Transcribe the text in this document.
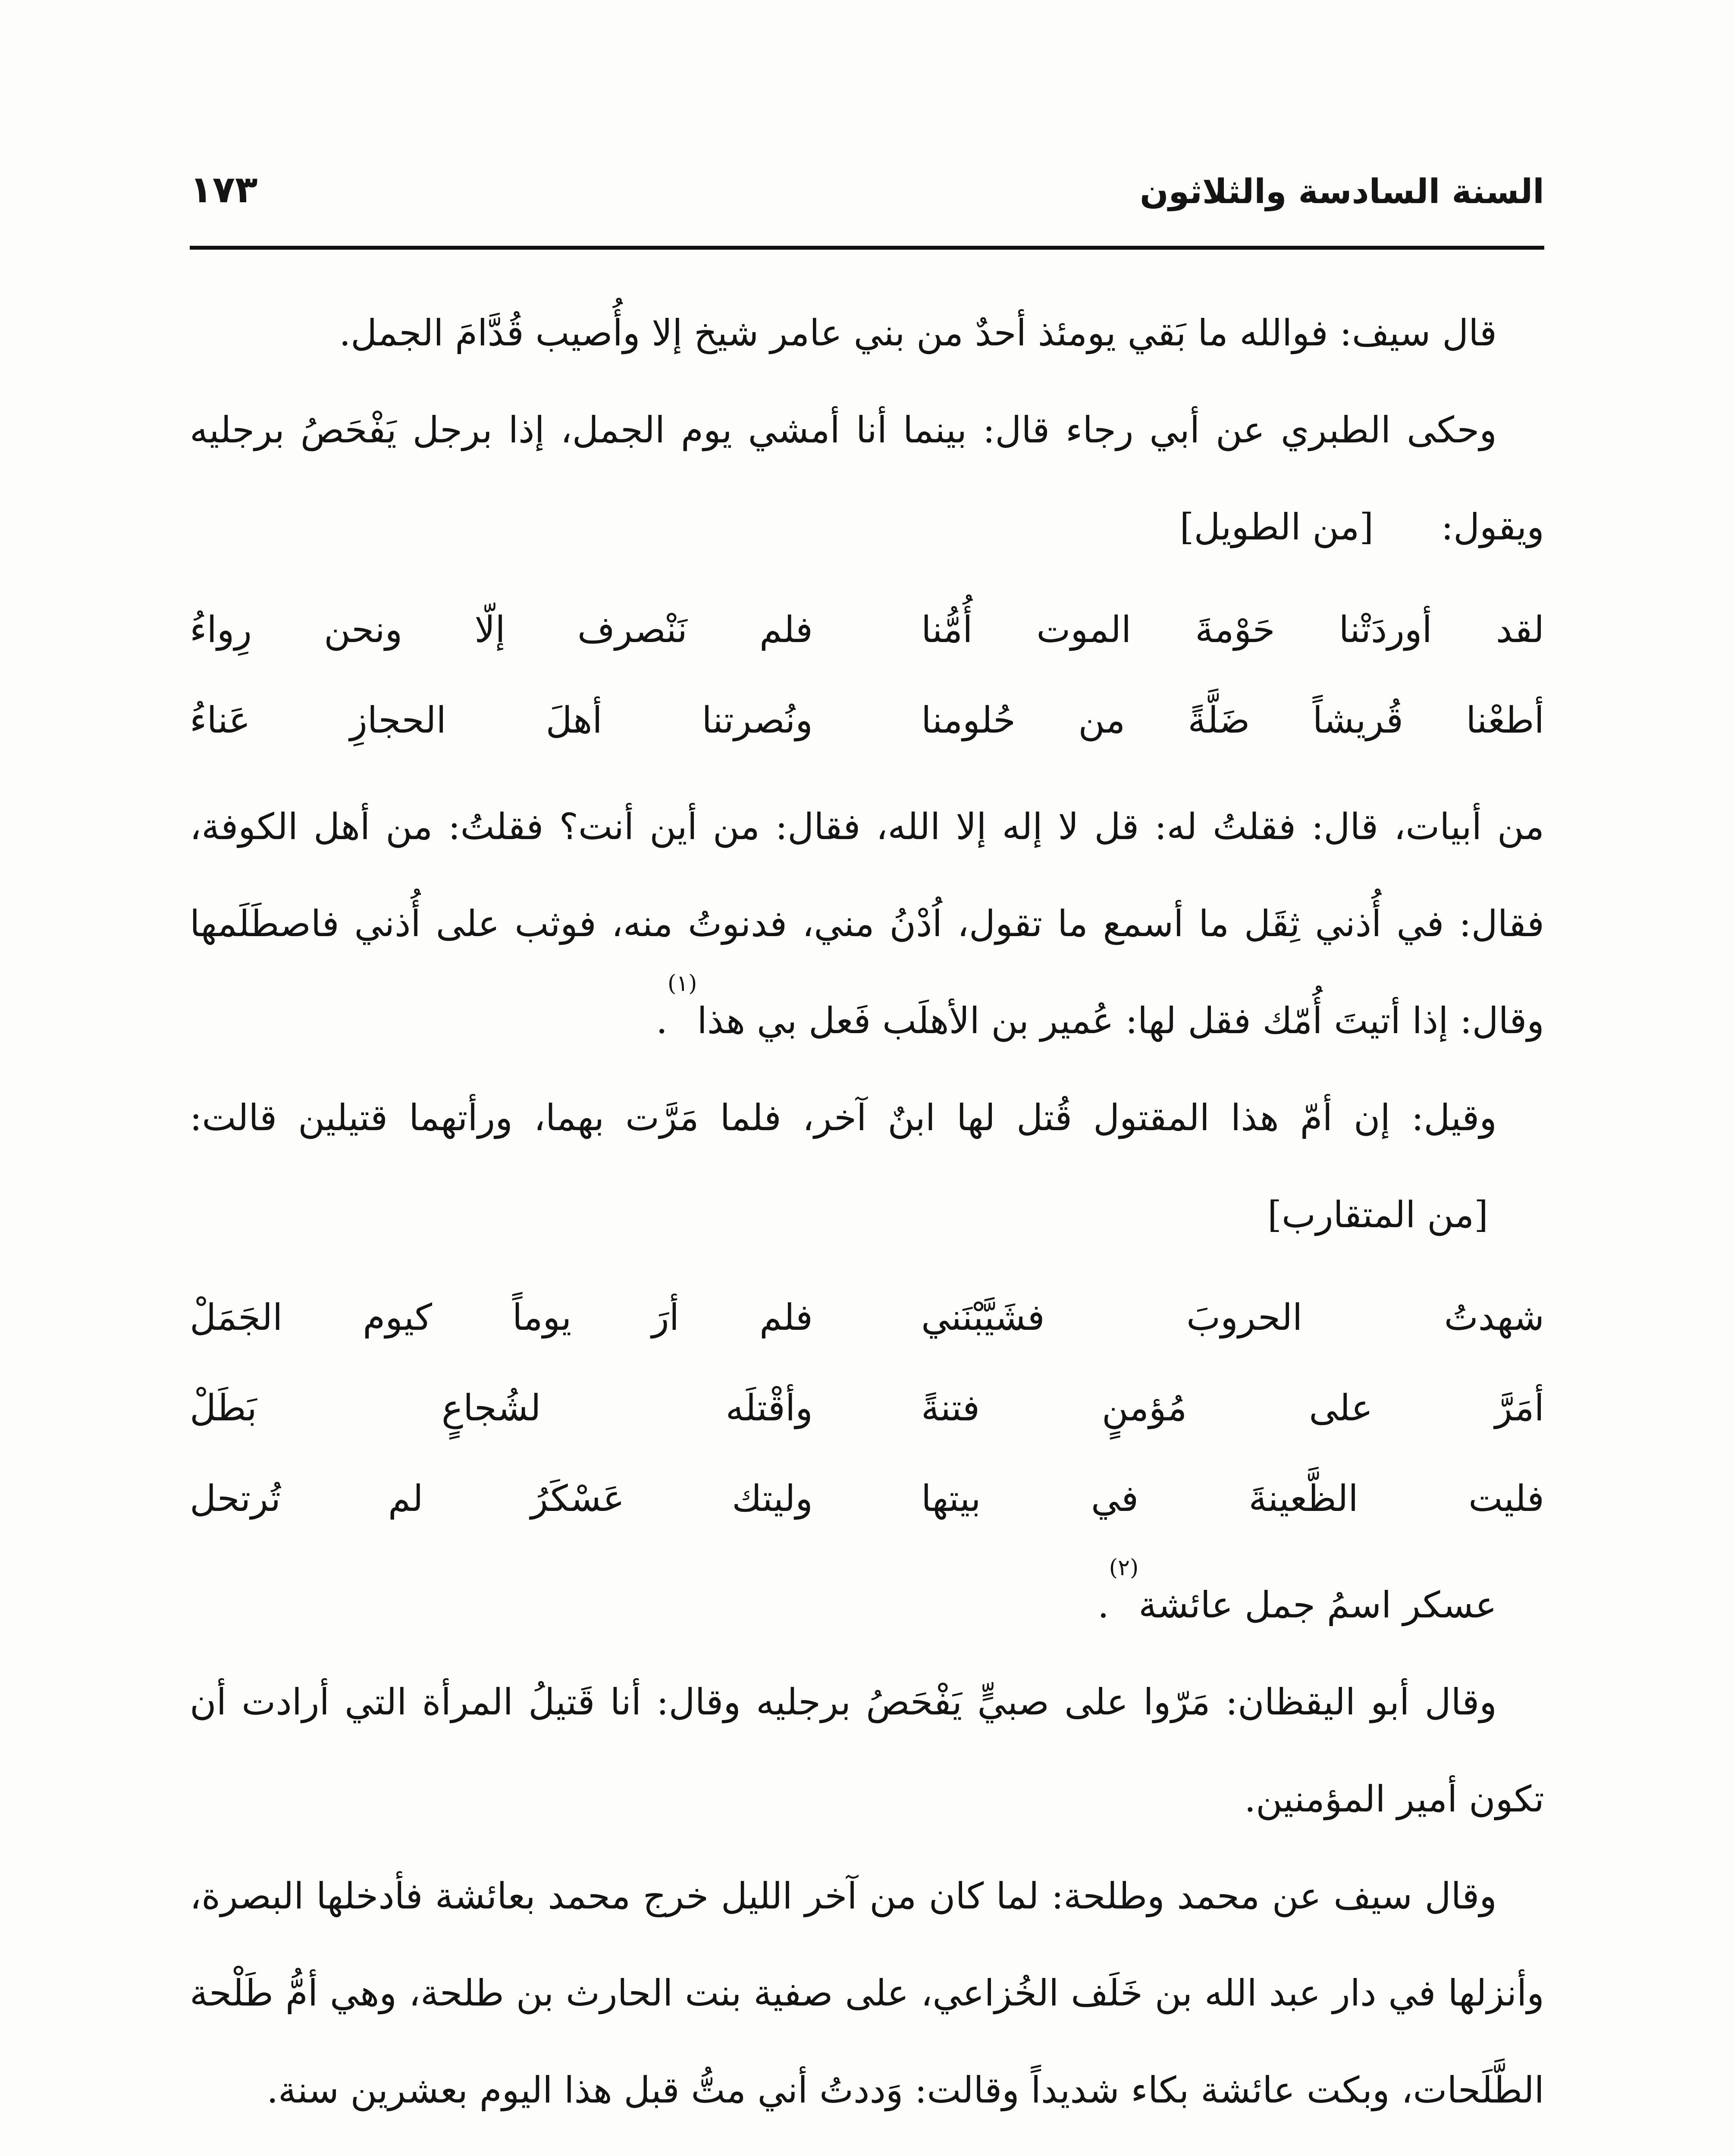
السنة السادسة والثلاثون
١٧٣

قال سيف: فوالله ما بَقي يومئذ أحدٌ من بني عامر شيخ إلا وأُصيب قُدَّامَ الجمل.

وحكى الطبري عن أبي رجاء قال: بينما أنا أمشي يوم الجمل، إذا برجل يَفْحَصُ برجليه ويقول: [من الطويل]

لقد أوردَتْنا حَوْمةَ الموت أُمُّنا
فلم نَنْصرف إلّا ونحن رِواءُ
أطعْنا قُريشاً ضَلَّةً من حُلومنا
ونُصرتنا أهلَ الحجازِ عَناءُ

من أبيات، قال: فقلتُ له: قل لا إله إلا الله، فقال: من أين أنت؟ فقلتُ: من أهل الكوفة، فقال: في أُذني ثِقَل ما أسمع ما تقول، اُدْنُ مني، فدنوتُ منه، فوثب على أُذني فاصطَلَمها وقال: إذا أتيتَ أُمّك فقل لها: عُمير بن الأهلَب فَعل بي هذا$^{(١)}$.

وقيل: إن أمّ هذا المقتول قُتل لها ابنٌ آخر، فلما مَرَّت بهما، ورأتهما قتيلين قالت: [من المتقارب]

شهدتُ الحروبَ فشَيَّبْنَني
فلم أرَ يوماً كيوم الجَمَلْ
أمَرَّ على مُؤمنٍ فتنةً
وأقْتلَه لشُجاعٍ بَطَلْ
فليت الظَّعينةَ في بيتها
وليتك عَسْكَرُ لم تُرتحل

عسكر اسمُ جمل عائشة$^{(٢)}$.

وقال أبو اليقظان: مَرّوا على صبيٍّ يَفْحَصُ برجليه وقال: أنا قَتيلُ المرأة التي أرادت أن تكون أمير المؤمنين.

وقال سيف عن محمد وطلحة: لما كان من آخر الليل خرج محمد بعائشة فأدخلها البصرة، وأنزلها في دار عبد الله بن خَلَف الخُزاعي، على صفية بنت الحارث بن طلحة، وهي أمُّ طَلْحة الطَّلَحات، وبكت عائشة بكاء شديداً وقالت: وَددتُ أني متُّ قبل هذا اليوم بعشرين سنة.
